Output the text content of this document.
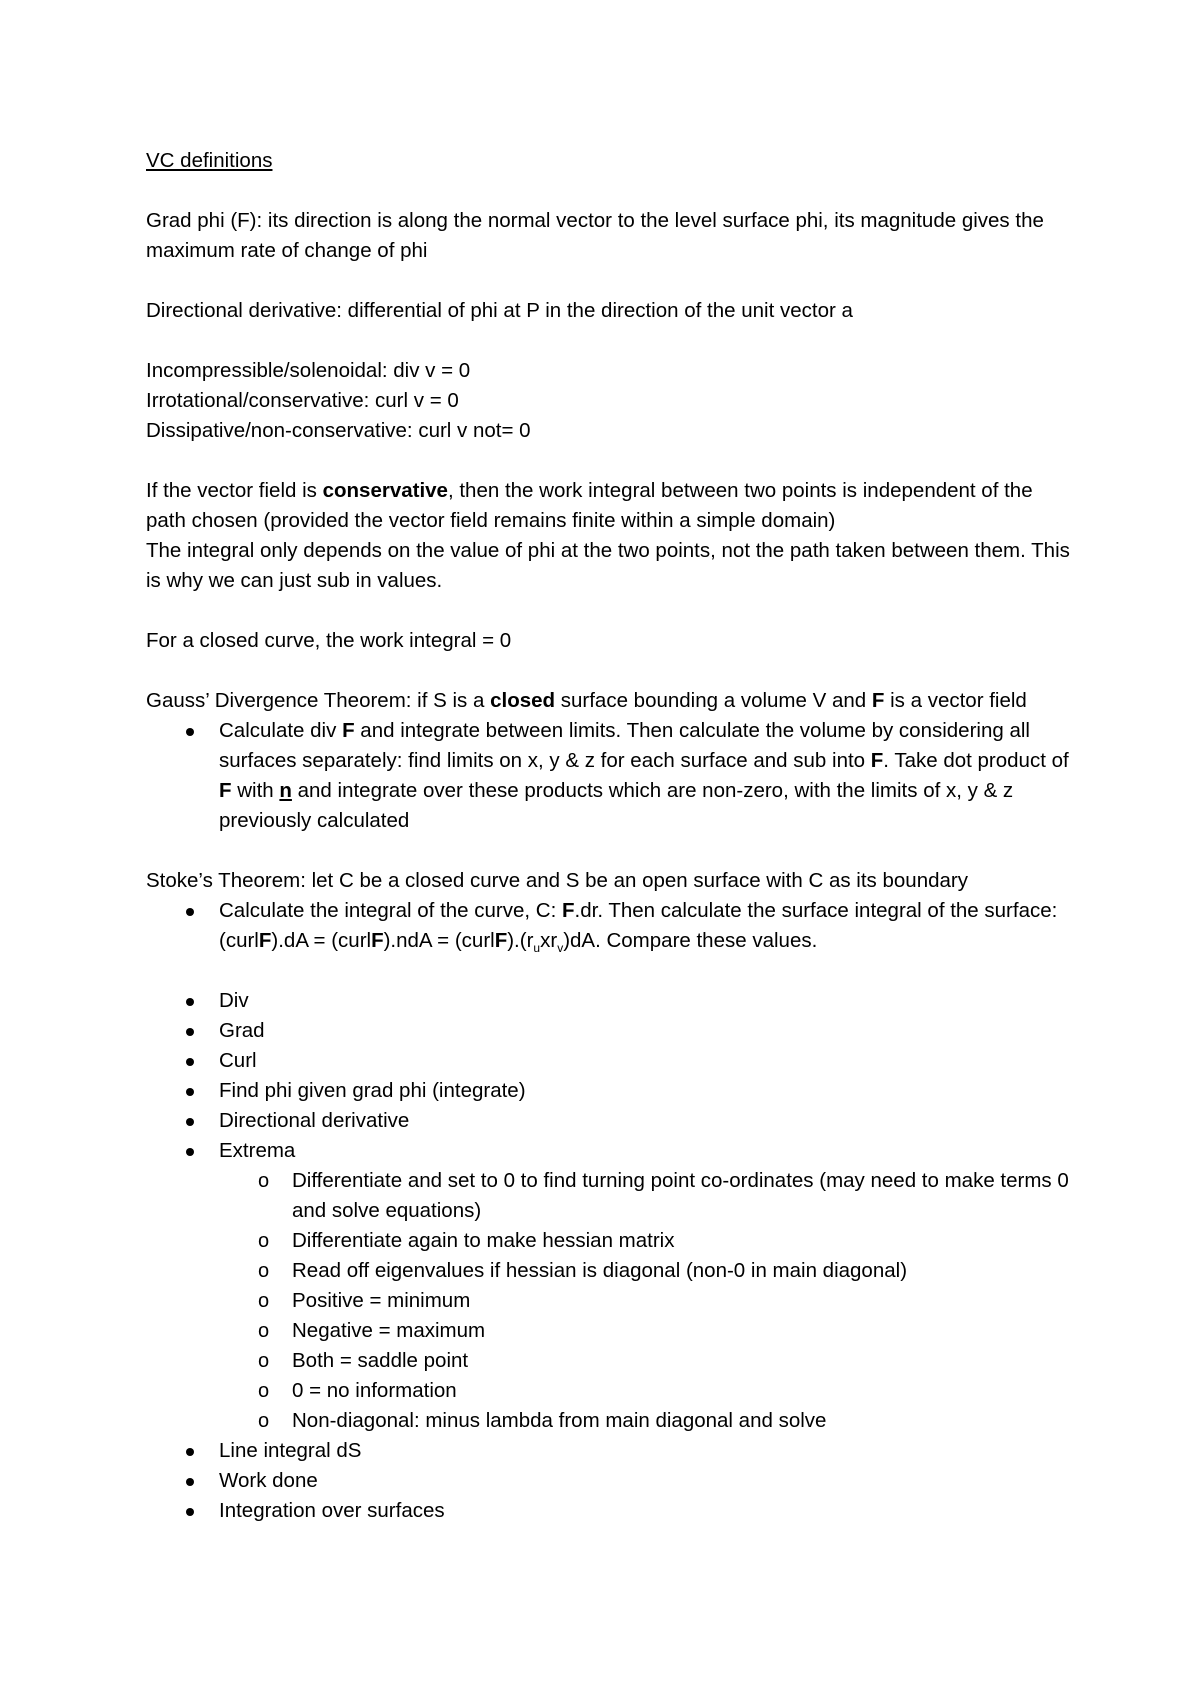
VC definitions

Grad phi (F): its direction is along the normal vector to the level surface phi, its magnitude gives the maximum rate of change of phi

Directional derivative: differential of phi at P in the direction of the unit vector a

Incompressible/solenoidal: div v = 0

Irrotational/conservative: curl v = 0

Dissipative/non-conservative: curl v not= 0

If the vector field is conservative, then the work integral between two points is independent of the path chosen (provided the vector field remains finite within a simple domain)

The integral only depends on the value of phi at the two points, not the path taken between them. This is why we can just sub in values.

For a closed curve, the work integral = 0

Gauss’ Divergence Theorem: if S is a closed surface bounding a volume V and F is a vector field

Calculate div F and integrate between limits. Then calculate the volume by considering all surfaces separately: find limits on x, y & z for each surface and sub into F. Take dot product of F with n and integrate over these products which are non-zero, with the limits of x, y & z previously calculated

Stoke’s Theorem: let C be a closed curve and S be an open surface with C as its boundary

Calculate the integral of the curve, C: F.dr. Then calculate the surface integral of the surface: (curlF).dA = (curlF).ndA = $(curlF).(r_uxr_v)dA$. Compare these values.
Div
Grad
Curl
Find phi given grad phi (integrate)
Directional derivative
Extrema
o Differentiate and set to 0 to find turning point co-ordinates (may need to make terms 0 and solve equations)
o Differentiate again to make hessian matrix
o Read off eigenvalues if hessian is diagonal (non-0 in main diagonal)
o Positive = minimum
o Negative = maximum
o Both = saddle point
o 0 = no information
o Non-diagonal: minus lambda from main diagonal and solve
Line integral dS
Work done
Integration over surfaces
